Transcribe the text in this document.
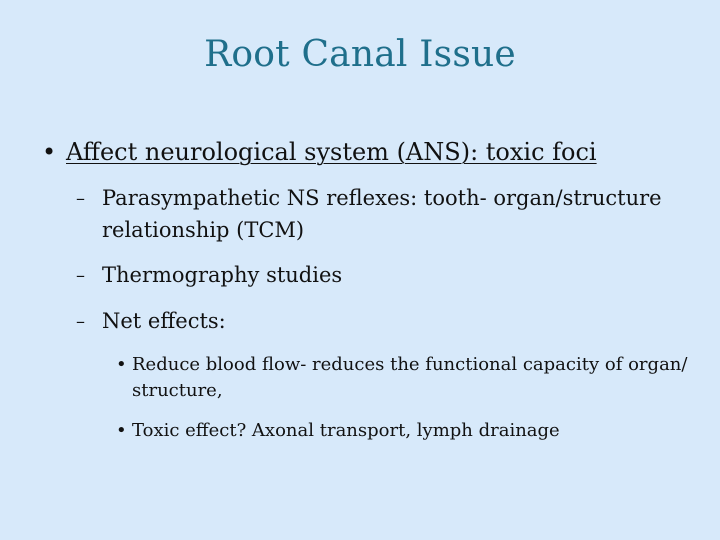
Root Canal Issue
• Affect neurological system (ANS): toxic foci
– Parasympathetic NS reflexes: tooth- organ/structure relationship (TCM)
– Thermography studies
– Net effects:
• Reduce blood flow- reduces the functional capacity of organ/ structure,
• Toxic effect? Axonal transport, lymph drainage
